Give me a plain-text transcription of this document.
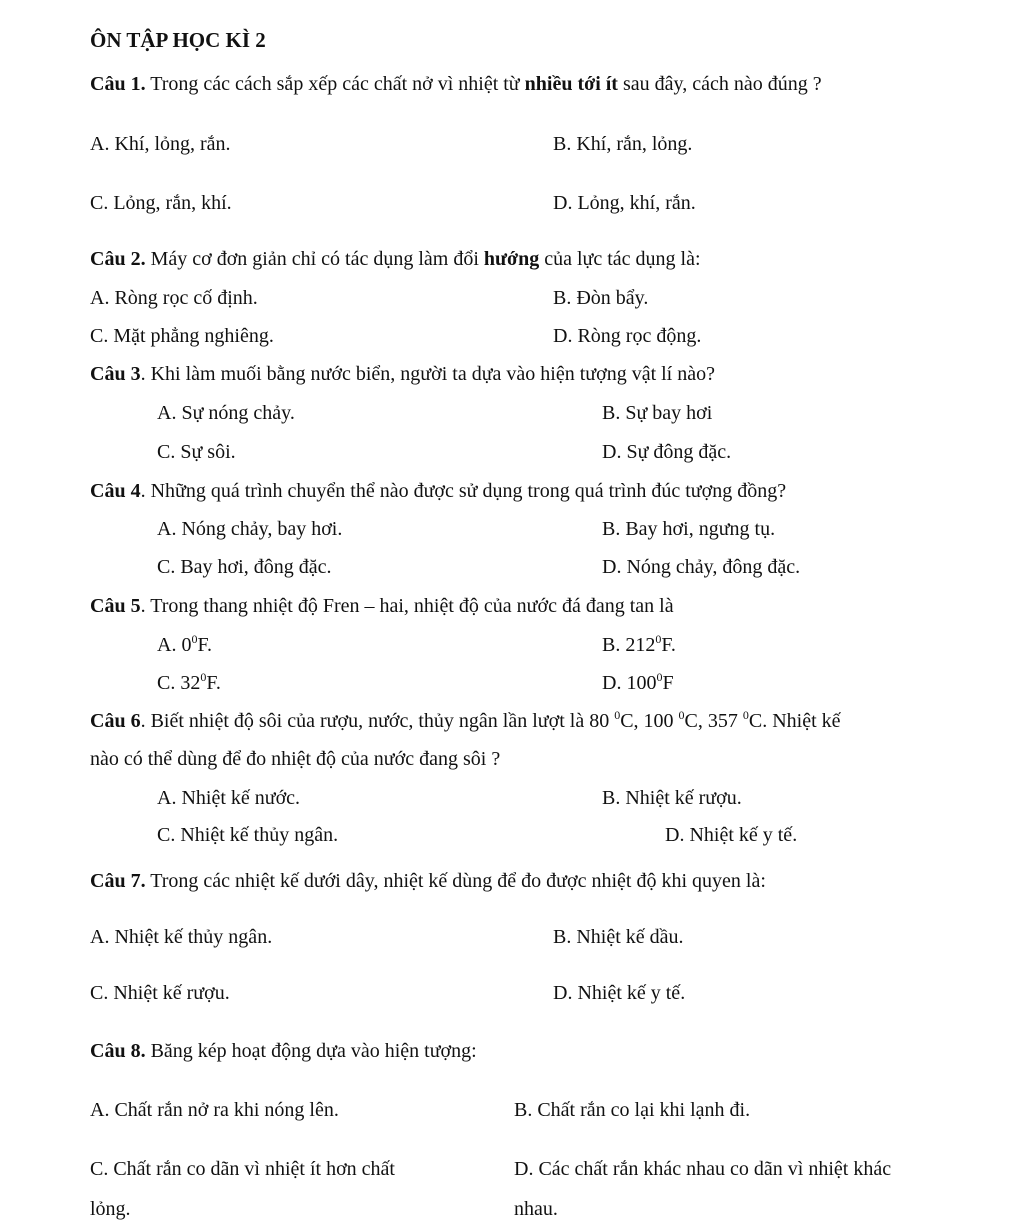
ÔN TẬP HỌC KÌ 2
Câu 1. Trong các cách sắp xếp các chất nở vì nhiệt từ nhiều tới ít sau đây, cách nào đúng ?
A. Khí, lỏng, rắn.	B. Khí, rắn, lỏng.
C. Lỏng, rắn, khí.	D. Lỏng, khí, rắn.
Câu 2. Máy cơ đơn giản chỉ có tác dụng làm đổi hướng của lực tác dụng là:
A. Ròng rọc cố định.	B. Đòn bẩy.
C. Mặt phẳng nghiêng.	D. Ròng rọc động.
Câu 3. Khi làm muối bằng nước biển, người ta dựa vào hiện tượng vật lí nào?
A. Sự nóng chảy.	B. Sự bay hơi
C. Sự sôi.	D. Sự đông đặc.
Câu 4. Những quá trình chuyển thể nào được sử dụng trong quá trình đúc tượng đồng?
A. Nóng chảy, bay hơi.	B. Bay hơi, ngưng tụ.
C. Bay hơi, đông đặc.	D. Nóng chảy, đông đặc.
Câu 5. Trong thang nhiệt độ Fren – hai, nhiệt độ của nước đá đang tan là
A. $0^0F$.	B. $212^0F$.
C. $32^0F$.	D. $100^0F$
Câu 6. Biết nhiệt độ sôi của rượu, nước, thủy ngân lần lượt là 80 $^0$C, 100 $^0$C, 357 $^0$C. Nhiệt kế
nào có thể dùng để đo nhiệt độ của nước đang sôi ?
A. Nhiệt kế nước.	B. Nhiệt kế rượu.
C. Nhiệt kế thủy ngân.	D. Nhiệt kế y tế.
Câu 7. Trong các nhiệt kế dưới dây, nhiệt kế dùng để đo được nhiệt độ khi quyen là:
A. Nhiệt kế thủy ngân.	B. Nhiệt kế dầu.
C. Nhiệt kế rượu.	D. Nhiệt kế y tế.
Câu 8. Băng kép hoạt động dựa vào hiện tượng:
A. Chất rắn nở ra khi nóng lên.	B. Chất rắn co lại khi lạnh đi.
C. Chất rắn co dãn vì nhiệt ít hơn chất
lỏng.
D. Các chất rắn khác nhau co dãn vì nhiệt khác
nhau.
